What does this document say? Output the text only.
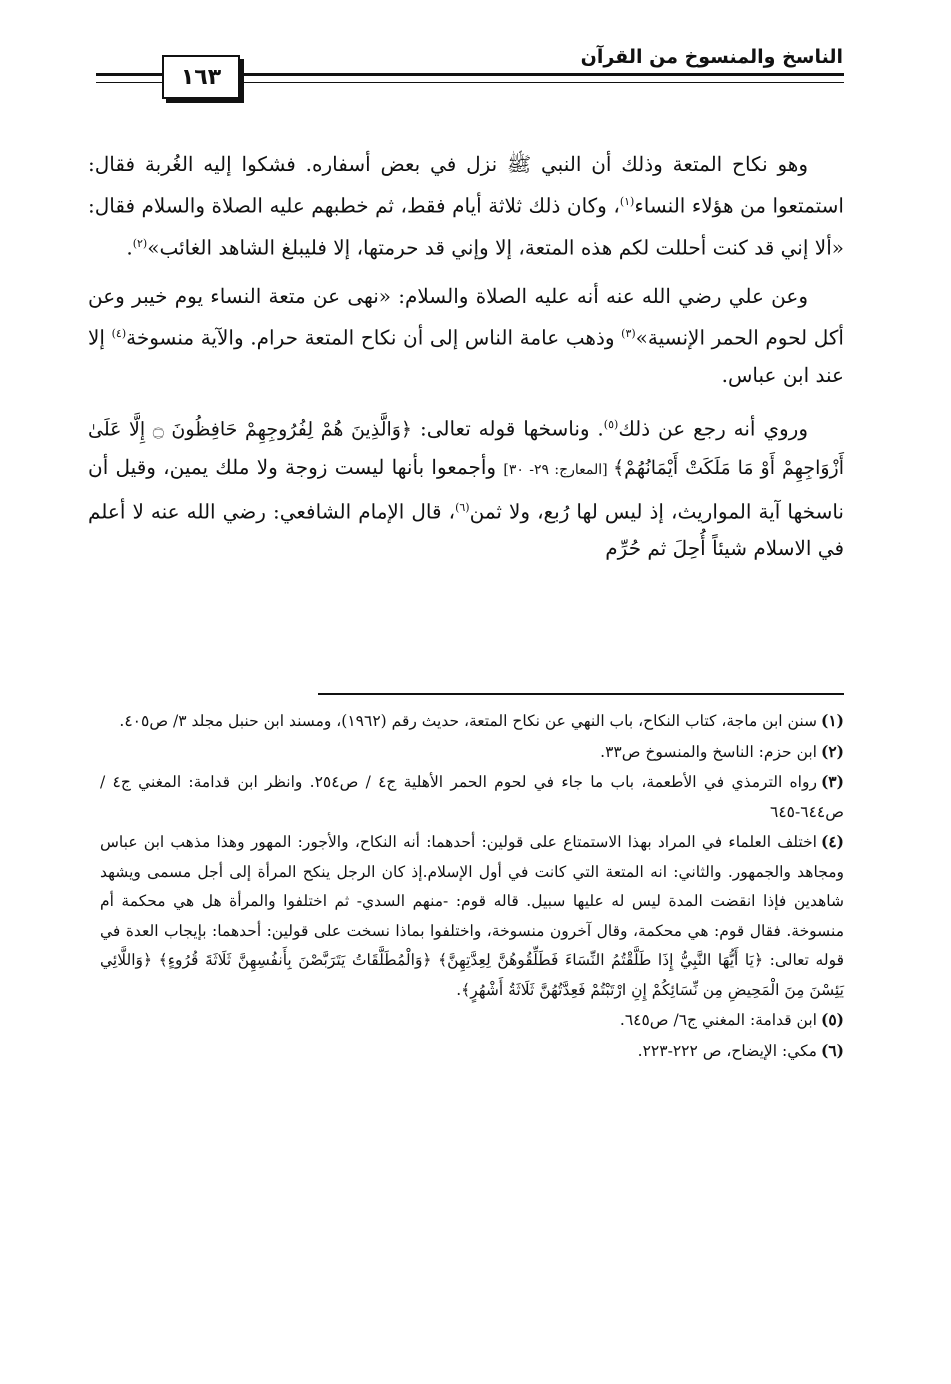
الناسخ والمنسوخ من القرآن
١٦٣

وهو نكاح المتعة وذلك أن النبي ﷺ نزل في بعض أسفاره. فشكوا إليه الغُربة فقال: استمتعوا من هؤلاء النساء$^{(١)}$، وكان ذلك ثلاثة أيام فقط، ثم خطبهم عليه الصلاة والسلام فقال: «ألا إني قد كنت أحللت لكم هذه المتعة، إلا وإني قد حرمتها، إلا فليبلغ الشاهد الغائب»$^{(٢)}$.

وعن علي رضي الله عنه أنه عليه الصلاة والسلام: «نهى عن متعة النساء يوم خيبر وعن أكل لحوم الحمر الإنسية»$^{(٣)}$ وذهب عامة الناس إلى أن نكاح المتعة حرام. والآية منسوخة$^{(٤)}$ إلا عند ابن عباس.

وروي أنه رجع عن ذلك$^{(٥)}$. وناسخها قوله تعالى: ﴿وَالَّذِينَ هُمْ لِفُرُوجِهِمْ حَافِظُونَ ۝ إِلَّا عَلَىٰ أَزْوَاجِهِمْ أَوْ مَا مَلَكَتْ أَيْمَانُهُمْ﴾ [المعارج: ٢٩- ٣٠] وأجمعوا بأنها ليست زوجة ولا ملك يمين، وقيل أن ناسخها آية المواريث، إذ ليس لها رُبع، ولا ثمن$^{(٦)}$، قال الإمام الشافعي: رضي الله عنه لا أعلم في الاسلام شيئاً أُحِلَ ثم حُرِّم

(١)سنن ابن ماجة، كتاب النكاح، باب النهي عن نكاح المتعة، حديث رقم (١٩٦٢)، ومسند ابن حنبل مجلد ٣/ ص٤٠٥.

(٢)ابن حزم: الناسخ والمنسوخ ص٣٣.

(٣)رواه الترمذي في الأطعمة، باب ما جاء في لحوم الحمر الأهلية ج٤ / ص٢٥٤. وانظر ابن قدامة: المغني ج٤ / ص٦٤٤-٦٤٥

(٤)اختلف العلماء في المراد بهذا الاستمتاع على قولين: أحدهما: أنه النكاح، والأجور: المهور وهذا مذهب ابن عباس ومجاهد والجمهور. والثاني: انه المتعة التي كانت في أول الإسلام.إذ كان الرجل ينكح المرأة إلى أجل مسمى ويشهد شاهدين فإذا انقضت المدة ليس له عليها سبيل. قاله قوم: -منهم السدي- ثم اختلفوا والمرأة هل هي محكمة أم منسوخة. فقال قوم: هي محكمة، وقال آخرون منسوخة، واختلفوا بماذا نسخت على قولين: أحدهما: بإيجاب العدة في قوله تعالى: ﴿يَا أَيُّهَا النَّبِيُّ إِذَا طَلَّقْتُمُ النِّسَاءَ فَطَلِّقُوهُنَّ لِعِدَّتِهِنَّ﴾ ﴿وَالْمُطَلَّقَاتُ يَتَرَبَّصْنَ بِأَنفُسِهِنَّ ثَلَاثَةَ قُرُوءٍ﴾ ﴿وَاللَّائِي يَئِسْنَ مِنَ الْمَحِيضِ مِن نِّسَائِكُمْ إِنِ ارْتَبْتُمْ فَعِدَّتُهُنَّ ثَلَاثَةُ أَشْهُرٍ﴾.

(٥)ابن قدامة: المغني ج٦/ ص٦٤٥.

(٦)مكي: الإيضاح، ص ٢٢٢-٢٢٣.
